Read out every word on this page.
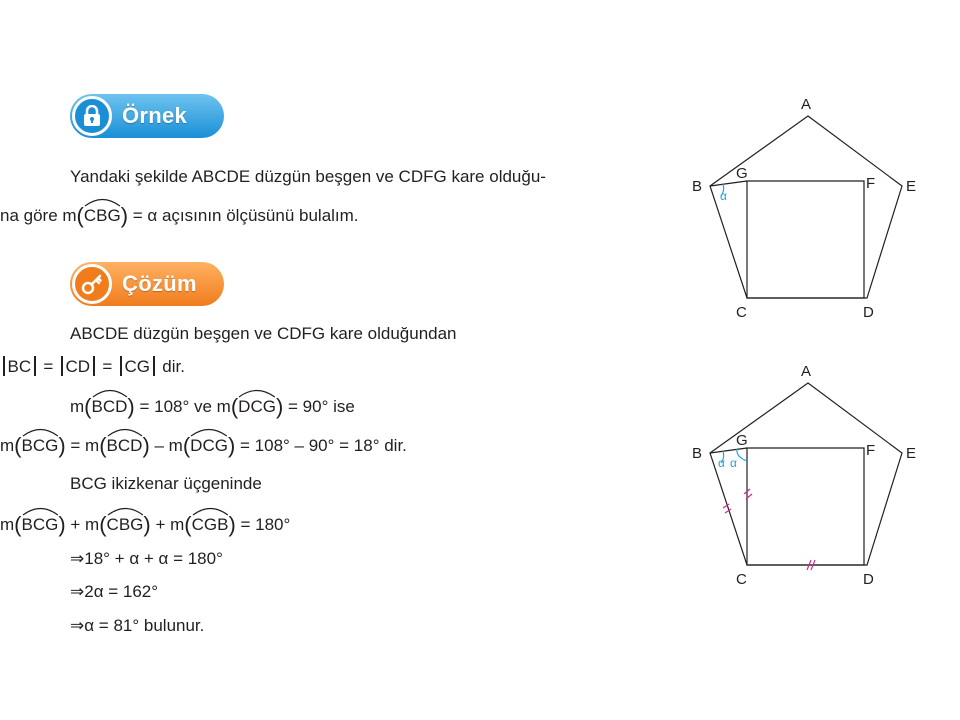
Örnek
Yandaki şekilde ABCDE düzgün beşgen ve CDFG kare olduğu-
na göre m(
CBG) = α açısının ölçüsünü bulalım.
Çözüm
ABCDE düzgün beşgen ve CDFG kare olduğundan
BC = CD = CG dir.
m(
BCD) = 108° ve m(
DCG) = 90° ise
m(
BCG) = m(
BCD) – m(
DCG) = 108° – 90° = 18° dir.
BCG ikizkenar üçgeninde
m(
BCG) + m(
CBG) + m(
CGB) = 180°
⇒18° + α + α = 180°
⇒2α = 162°
⇒α = 81° bulunur.
A
B
C	D
E
F
G
α
A
B
C	D
E
F
G
α α
